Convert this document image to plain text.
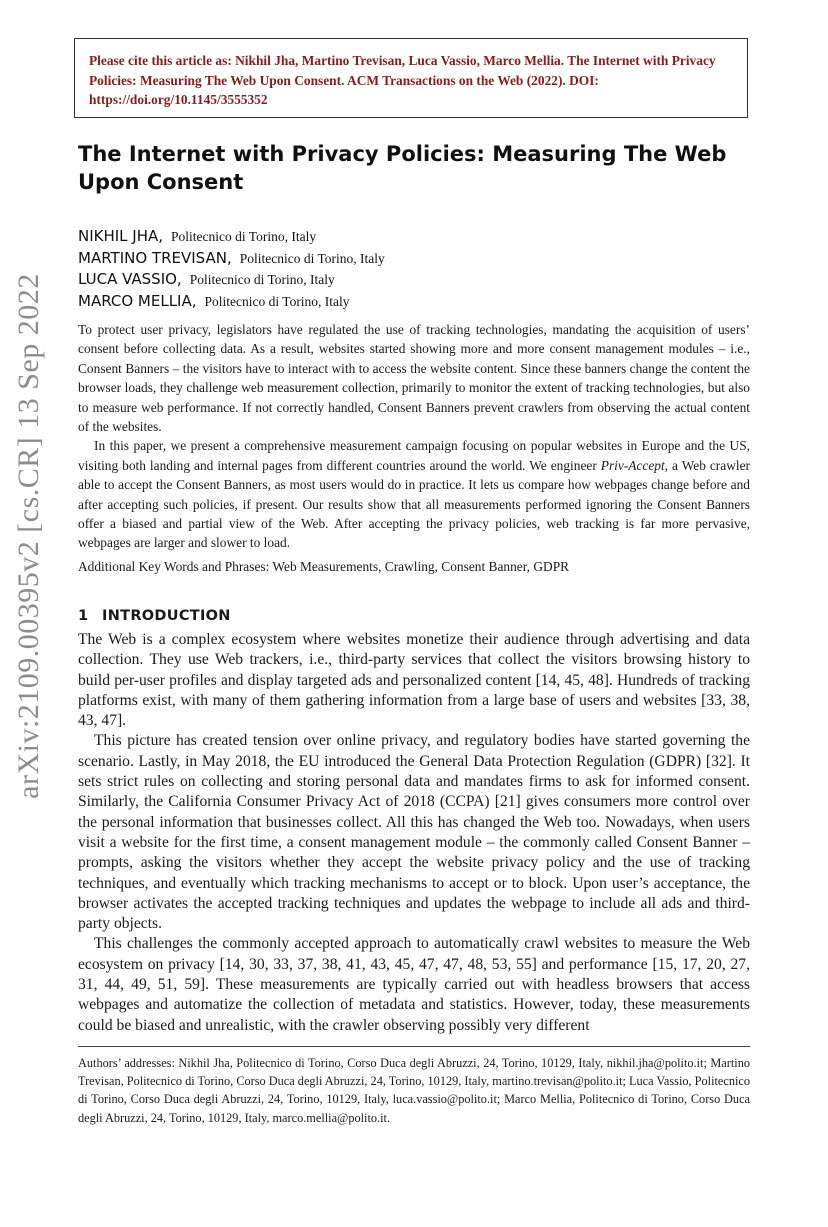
Please cite this article as: Nikhil Jha, Martino Trevisan, Luca Vassio, Marco Mellia. The Internet with Privacy Policies: Measuring The Web Upon Consent. ACM Transactions on the Web (2022). DOI: https://doi.org/10.1145/3555352
arXiv:2109.00395v2 [cs.CR] 13 Sep 2022
The Internet with Privacy Policies: Measuring The Web Upon Consent
NIKHIL JHA, Politecnico di Torino, Italy
MARTINO TREVISAN, Politecnico di Torino, Italy
LUCA VASSIO, Politecnico di Torino, Italy
MARCO MELLIA, Politecnico di Torino, Italy

To protect user privacy, legislators have regulated the use of tracking technologies, mandating the acquisition of users’ consent before collecting data. As a result, websites started showing more and more consent management modules – i.e., Consent Banners – the visitors have to interact with to access the website content. Since these banners change the content the browser loads, they challenge web measurement collection, primarily to monitor the extent of tracking technologies, but also to measure web performance. If not correctly handled, Consent Banners prevent crawlers from observing the actual content of the websites.

In this paper, we present a comprehensive measurement campaign focusing on popular websites in Europe and the US, visiting both landing and internal pages from different countries around the world. We engineer Priv-Accept, a Web crawler able to accept the Consent Banners, as most users would do in practice. It lets us compare how webpages change before and after accepting such policies, if present. Our results show that all measurements performed ignoring the Consent Banners offer a biased and partial view of the Web. After accepting the privacy policies, web tracking is far more pervasive, webpages are larger and slower to load.

Additional Key Words and Phrases: Web Measurements, Crawling, Consent Banner, GDPR
1 INTRODUCTION

The Web is a complex ecosystem where websites monetize their audience through advertising and data collection. They use Web trackers, i.e., third-party services that collect the visitors browsing history to build per-user profiles and display targeted ads and personalized content [14, 45, 48]. Hundreds of tracking platforms exist, with many of them gathering information from a large base of users and websites [33, 38, 43, 47].

This picture has created tension over online privacy, and regulatory bodies have started governing the scenario. Lastly, in May 2018, the EU introduced the General Data Protection Regulation (GDPR) [32]. It sets strict rules on collecting and storing personal data and mandates firms to ask for informed consent. Similarly, the California Consumer Privacy Act of 2018 (CCPA) [21] gives consumers more control over the personal information that businesses collect. All this has changed the Web too. Nowadays, when users visit a website for the first time, a consent management module – the commonly called Consent Banner – prompts, asking the visitors whether they accept the website privacy policy and the use of tracking techniques, and eventually which tracking mechanisms to accept or to block. Upon user’s acceptance, the browser activates the accepted tracking techniques and updates the webpage to include all ads and third-party objects.

This challenges the commonly accepted approach to automatically crawl websites to measure the Web ecosystem on privacy [14, 30, 33, 37, 38, 41, 43, 45, 47, 47, 48, 53, 55] and performance [15, 17, 20, 27, 31, 44, 49, 51, 59]. These measurements are typically carried out with headless browsers that access webpages and automatize the collection of metadata and statistics. However, today, these measurements could be biased and unrealistic, with the crawler observing possibly very different

Authors’ addresses: Nikhil Jha, Politecnico di Torino, Corso Duca degli Abruzzi, 24, Torino, 10129, Italy, nikhil.jha@polito.it; Martino Trevisan, Politecnico di Torino, Corso Duca degli Abruzzi, 24, Torino, 10129, Italy, martino.trevisan@polito.it; Luca Vassio, Politecnico di Torino, Corso Duca degli Abruzzi, 24, Torino, 10129, Italy, luca.vassio@polito.it; Marco Mellia, Politecnico di Torino, Corso Duca degli Abruzzi, 24, Torino, 10129, Italy, marco.mellia@polito.it.
